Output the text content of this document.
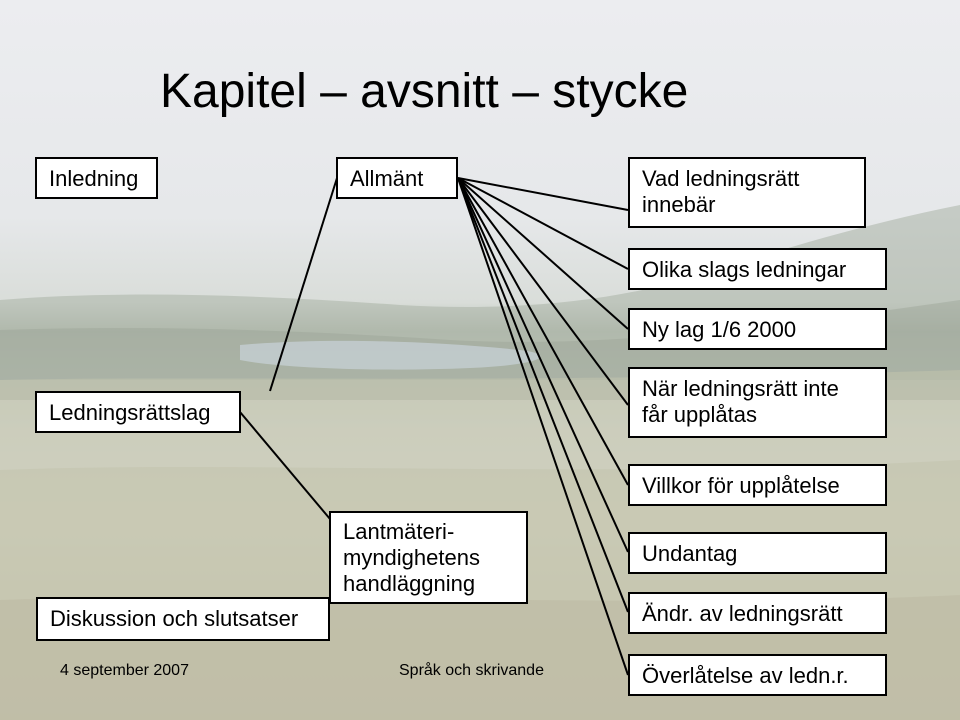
Kapitel – avsnitt – stycke
Inledning
Ledningsrättslag
Diskussion och slutsatser
Allmänt
Lantmäteri-
myndighetens
handläggning
Vad ledningsrätt
innebär
Olika slags ledningar
Ny lag 1/6 2000
När ledningsrätt inte
får upplåtas
Villkor för upplåtelse
Undantag
Ändr. av ledningsrätt
Överlåtelse av ledn.r.
4 september 2007	Språk och skrivande
